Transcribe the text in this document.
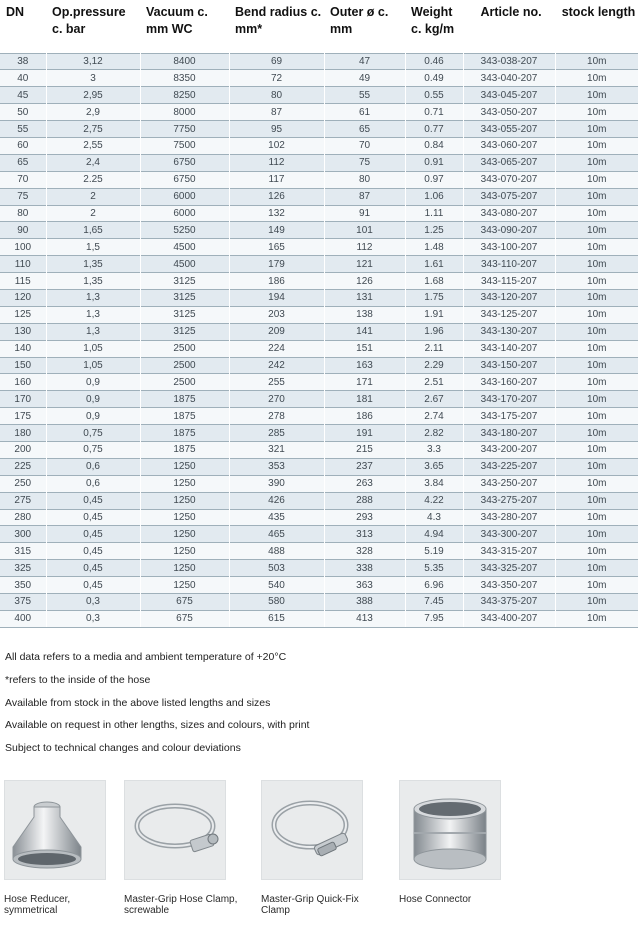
DN	Op.pressure c. bar	Vacuum c. mm WC	Bend radius c. mm*	Outer ø c. mm	Weight c. kg/m	Article no.	stock length
38	3,12	8400	69	47	0.46	343-038-207	10m
40	3	8350	72	49	0.49	343-040-207	10m
45	2,95	8250	80	55	0.55	343-045-207	10m
50	2,9	8000	87	61	0.71	343-050-207	10m
55	2,75	7750	95	65	0.77	343-055-207	10m
60	2,55	7500	102	70	0.84	343-060-207	10m
65	2,4	6750	112	75	0.91	343-065-207	10m
70	2.25	6750	117	80	0.97	343-070-207	10m
75	2	6000	126	87	1.06	343-075-207	10m
80	2	6000	132	91	1.11	343-080-207	10m
90	1,65	5250	149	101	1.25	343-090-207	10m
100	1,5	4500	165	112	1.48	343-100-207	10m
110	1,35	4500	179	121	1.61	343-110-207	10m
115	1,35	3125	186	126	1.68	343-115-207	10m
120	1,3	3125	194	131	1.75	343-120-207	10m
125	1,3	3125	203	138	1.91	343-125-207	10m
130	1,3	3125	209	141	1.96	343-130-207	10m
140	1,05	2500	224	151	2.11	343-140-207	10m
150	1,05	2500	242	163	2.29	343-150-207	10m
160	0,9	2500	255	171	2.51	343-160-207	10m
170	0,9	1875	270	181	2.67	343-170-207	10m
175	0,9	1875	278	186	2.74	343-175-207	10m
180	0,75	1875	285	191	2.82	343-180-207	10m
200	0,75	1875	321	215	3.3	343-200-207	10m
225	0,6	1250	353	237	3.65	343-225-207	10m
250	0,6	1250	390	263	3.84	343-250-207	10m
275	0,45	1250	426	288	4.22	343-275-207	10m
280	0,45	1250	435	293	4.3	343-280-207	10m
300	0,45	1250	465	313	4.94	343-300-207	10m
315	0,45	1250	488	328	5.19	343-315-207	10m
325	0,45	1250	503	338	5.35	343-325-207	10m
350	0,45	1250	540	363	6.96	343-350-207	10m
375	0,3	675	580	388	7.45	343-375-207	10m
400	0,3	675	615	413	7.95	343-400-207	10m
All data refers to a media and ambient temperature of +20°C
*refers to the inside of the hose
Available from stock in the above listed lengths and sizes
Available on request in other lengths, sizes and colours, with print
Subject to technical changes and colour deviations
Hose Reducer, symmetrical
Master-Grip Hose Clamp, screwable
Master-Grip Quick-Fix Clamp
Hose Connector
